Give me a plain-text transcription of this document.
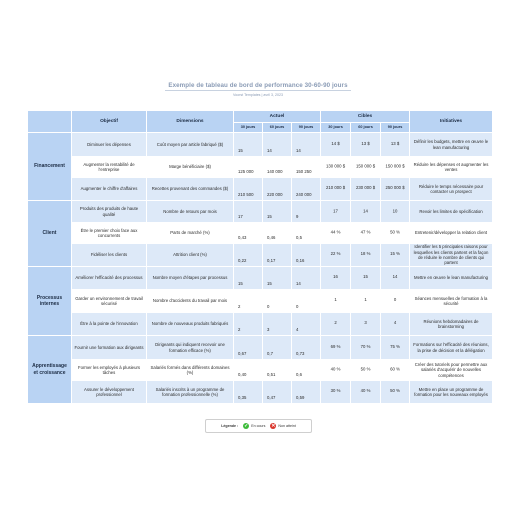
Exemple de tableau de bord de performance 30-60-90 jours
Voorst Templates | avril 3, 2023
	Objectif	Dimensions	Actuel			Cibles			Initiatives
			30 jours	60 jours	90 jours	30 jours	60 jours	90 jours	
Financement	Diminuer les dépenses	Coût moyen par article fabriqué ($)	15	14	14	14 $	13 $	13 $	Définir les budgets, mettre en œuvre le lean manufacturing
	Augmenter la rentabilité de l'entreprise	Marge bénéficiaire ($)	125 000	140 000	150 250	130 000 $	150 000 $	150 000 $	Réduire les dépenses et augmenter les ventes
	Augmenter le chiffre d'affaires	Recettes provenant des commandes ($)	210 500	220 000	240 000	210 000 $	230 000 $	250 000 $	Réduire le temps nécessaire pour contacter un prospect
Client	Produits des produits de haute qualité	Nombre de retours par mois	17	15	9	17	14	10	Revoir les limites de spécification
	Être le premier choix face aux concurrents	Parts de marché (%)	0,43	0,46	0,5	44 %	47 %	50 %	Entretenir/développer la relation client
	Fidéliser les clients	Attrition client (%)	0,22	0,17	0,16	22 %	18 %	15 %	Identifier les 5 principales raisons pour lesquelles les clients partent et la façon de réduire le nombre de clients qui partent
Processus internes	Améliorer l'efficacité des processus	Nombre moyen d'étapes par processus	15	15	14	16	15	14	Mettre en œuvre le lean manufacturing
	Garder un environnement de travail sécurisé	Nombre d'accidents du travail par mois	2	0	0	1	1	0	Séances mensuelles de formation à la sécurité
	Être à la pointe de l'innovation	Nombre de nouveaux produits fabriqués	2	3	4	2	3	4	Réunions hebdomadaires de brainstorming
Apprentissage et croissance	Fournir une formation aux dirigeants	Dirigeants qui indiquent recevoir une formation efficace (%)	0,67	0,7	0,73	69 %	70 %	75 %	Formations sur l'efficacité des réunions, la prise de décision et la délégation
	Former les employés à plusieurs tâches	Salariés formés dans différents domaines (%)	0,40	0,51	0,6	40 %	50 %	60 %	Créer des tutoriels pour permettre aux salariés d'acquérir de nouvelles compétences
	Assurer le développement professionnel	Salariés inscrits à un programme de formation professionnelle (%)	0,35	0,47	0,59	30 %	40 %	50 %	Mettre en place un programme de formation pour les nouveaux employés
Légende : ✓ En cours ✕ Non atteint
